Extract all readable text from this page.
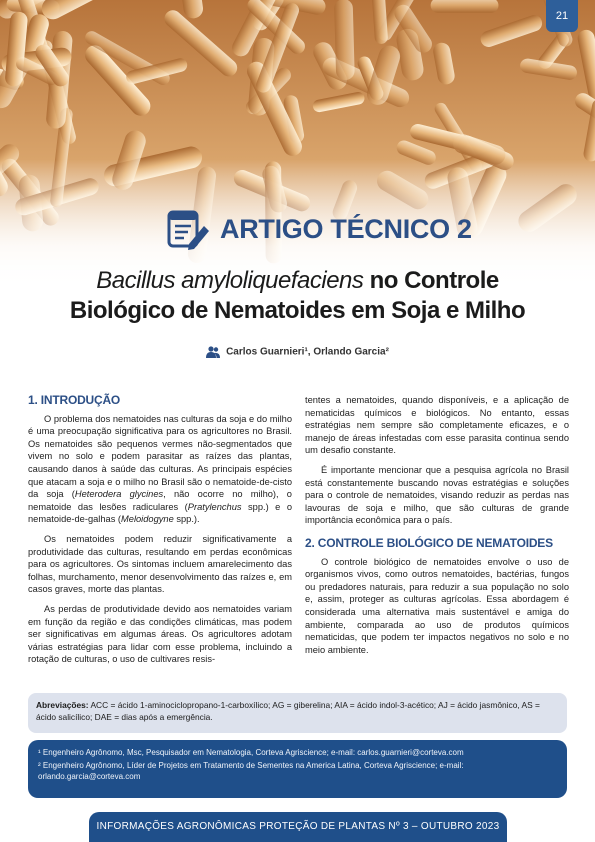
21
ARTIGO TÉCNICO 2
Bacillus amyloliquefaciens no Controle
Biológico de Nematoides em Soja e Milho
Carlos Guarnieri¹, Orlando Garcia²
1. INTRODUÇÃO

O problema dos nematoides nas culturas da soja e do milho é uma preocupação significativa para os agricultores no Brasil. Os nematoides são pequenos vermes não-segmentados que vivem no solo e podem parasitar as raízes das plantas, causando danos à saúde das culturas. As principais espécies que atacam a soja e o milho no Brasil são o nematoide-de-cisto da soja (Heterodera glycines, não ocorre no milho), o nematoide das lesões radiculares (Pratylenchus spp.) e o nematoide-de-galhas (Meloidogyne spp.).

Os nematoides podem reduzir significativamente a produtividade das culturas, resultando em perdas econômicas para os agricultores. Os sintomas incluem amarelecimento das folhas, murchamento, menor desenvolvimento das raízes e, em casos graves, morte das plantas.

As perdas de produtividade devido aos nematoides variam em função da região e das condições climáticas, mas podem ser significativas em algumas áreas. Os agricultores adotam várias estratégias para lidar com esse problema, incluindo a rotação de culturas, o uso de cultivares resis-

tentes a nematoides, quando disponíveis, e a aplicação de nematicidas químicos e biológicos. No entanto, essas estratégias nem sempre são completamente eficazes, e o manejo de áreas infestadas com esse parasita continua sendo um desafio constante.

É importante mencionar que a pesquisa agrícola no Brasil está constantemente buscando novas estratégias e soluções para o controle de nematoides, visando reduzir as perdas nas lavouras de soja e milho, que são culturas de grande importância econômica para o país.

2. CONTROLE BIOLÓGICO DE NEMATOIDES

O controle biológico de nematoides envolve o uso de organismos vivos, como outros nematoides, bactérias, fungos ou predadores naturais, para reduzir a sua população no solo e, assim, proteger as culturas agrícolas. Essa abordagem é considerada uma alternativa mais sustentável e amiga do ambiente, comparada ao uso de produtos químicos nematicidas, que podem ter impactos negativos no solo e no meio ambiente.

Abreviações: ACC = ácido 1-aminociclopropano-1-carboxílico; AG = giberelina; AIA = ácido indol-3-acético; AJ = ácido jasmônico, AS = ácido salicílico; DAE = dias após a emergência.
¹ Engenheiro Agrônomo, Msc, Pesquisador em Nematologia, Corteva Agriscience; e-mail: carlos.guarnieri@corteva.com
² Engenheiro Agrônomo, Líder de Projetos em Tratamento de Sementes na America Latina, Corteva Agriscience; e-mail: orlando.garcia@corteva.com
INFORMAÇÕES AGRONÔMICAS PROTEÇÃO DE PLANTAS Nº 3 – OUTUBRO 2023
